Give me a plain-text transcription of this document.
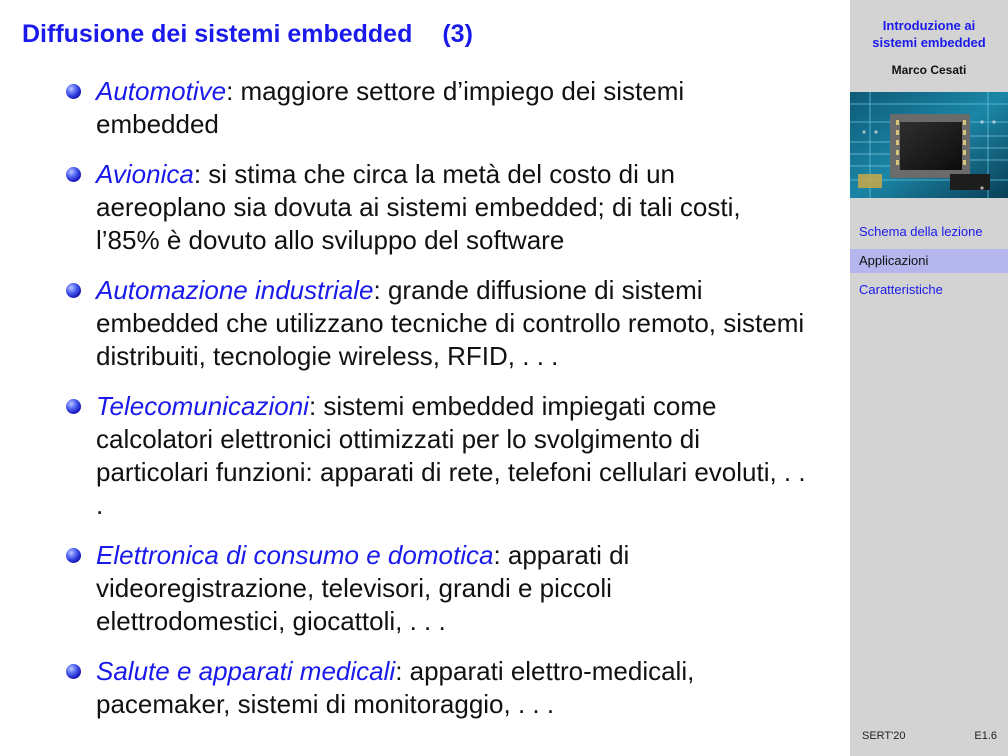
Diffusione dei sistemi embedded (3)
Automotive: maggiore settore d’impiego dei sistemi embedded
Avionica: si stima che circa la metà del costo di un aereoplano sia dovuta ai sistemi embedded; di tali costi, l’85% è dovuto allo sviluppo del software
Automazione industriale: grande diffusione di sistemi embedded che utilizzano tecniche di controllo remoto, sistemi distribuiti, tecnologie wireless, RFID, . . .
Telecomunicazioni: sistemi embedded impiegati come calcolatori elettronici ottimizzati per lo svolgimento di particolari funzioni: apparati di rete, telefoni cellulari evoluti, . . .
Elettronica di consumo e domotica: apparati di videoregistrazione, televisori, grandi e piccoli elettrodomestici, giocattoli, . . .
Salute e apparati medicali: apparati elettro-medicali, pacemaker, sistemi di monitoraggio, . . .
Introduzione ai
sistemi embedded
Marco Cesati
Schema della lezione
Applicazioni
Caratteristiche
SERT'20	E1.6
